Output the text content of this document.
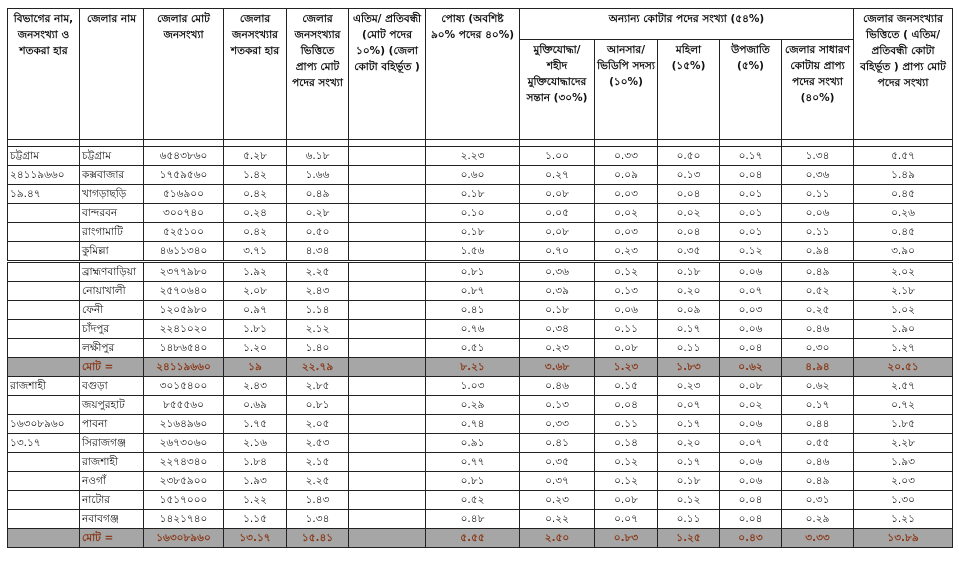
বিভাগের নাম, জনসংখ্যা ও শতকরা হার	জেলার নাম	জেলার মোট জনসংখ্যা	জেলার জনসংখ্যার শতকরা হার	জেলার জনসংখ্যার ভিত্তিতে প্রাপ্য মোট পদের সংখ্যা	এতিম/ প্রতিবন্ধী (মোট পদের ১০%) (জেলা কোটা বহির্ভূত )	পোষ্য (অবশিষ্ট ৯০% পদের ৪০%)	অন্যান্য কোটার পদের সংখ্যা (৫৪%)					জেলার জনসংখ্যার ভিত্তিতে ( এতিম/ প্রতিবন্ধী কোটা বহির্ভূত ) প্রাপ্য মোট পদের সংখ্যা
							মুক্তিযোদ্ধা/ শহীদ মুক্তিযোদ্ধাদের সন্তান (৩০%)	আনসার/ ভিডিপি সদস্য (১০%)	মহিলা (১৫%)	উপজাতি (৫%)	জেলার সাধারণ কোটায় প্রাপ্য পদের সংখ্যা (৪০%)	

চট্টগ্রাম	চট্টগ্রাম	৬৫৪৩৮৬০	৫.২৮	৬.১৮		২.২৩	১.০০	০.৩৩	০.৫০	০.১৭	১.৩৪	৫.৫৭
২৪১১৯৬৬০	কক্সবাজার	১৭৫৯৫৬০	১.৪২	১.৬৬		০.৬০	০.২৭	০.০৯	০.১৩	০.০৪	০.৩৬	১.৪৯
১৯.৪৭	খাগড়াছড়ি	৫১৬৯০০	০.৪২	০.৪৯		০.১৮	০.০৮	০.০৩	০.০৪	০.০১	০.১১	০.৪৫
	বান্দরবন	৩০০৭৪০	০.২৪	০.২৮		০.১০	০.০৫	০.০২	০.০২	০.০১	০.০৬	০.২৬
	রাংগামাটি	৫২৫১০০	০.৪২	০.৫০		০.১৮	০.০৮	০.০৩	০.০৪	০.০১	০.১১	০.৪৫
	কুমিল্লা	৪৬১১৩৪০	৩.৭১	৪.৩৪		১.৫৬	০.৭০	০.২৩	০.৩৫	০.১২	০.৯৪	৩.৯০
	ব্রাহ্মণবাড়িয়া	২৩৭৭৯৮০	১.৯২	২.২৫		০.৮১	০.৩৬	০.১২	০.১৮	০.০৬	০.৪৯	২.০২
	নোয়াখালী	২৫৭০৬৪০	২.০৮	২.৪৩		০.৮৭	০.৩৯	০.১৩	০.২০	০.০৭	০.৫২	২.১৮
	ফেনী	১২০৫৯৮০	০.৯৭	১.১৪		০.৪১	০.১৮	০.০৬	০.০৯	০.০৩	০.২৫	১.০২
	চাঁদপুর	২২৪১০২০	১.৮১	২.১২		০.৭৬	০.৩৪	০.১১	০.১৭	০.০৬	০.৪৬	১.৯০
	লক্ষীপুর	১৪৮৬৫৪০	১.২০	১.৪০		০.৫১	০.২৩	০.০৮	০.১১	০.০৪	০.৩০	১.২৭
	মোট =	২৪১১৯৬৬০	১৯	২২.৭৯		৮.২১	৩.৬৮	১.২৩	১.৮৩	০.৬২	৪.৯৪	২০.৫১
রাজশাহী	বগুড়া	৩০১৫৪০০	২.৪৩	২.৮৫		১.০৩	০.৪৬	০.১৫	০.২৩	০.০৮	০.৬২	২.৫৭
	জয়পুরহাট	৮৫৫৫৬০	০.৬৯	০.৮১		০.২৯	০.১৩	০.০৪	০.০৭	০.০২	০.১৭	০.৭২
১৬৩০৮৯৬০	পাবনা	২১৬৪৯৬০	১.৭৫	২.০৫		০.৭৪	০.৩৩	০.১১	০.১৭	০.০৬	০.৪৪	১.৮৫
১৩.১৭	সিরাজগঞ্জ	২৬৭৩০৬০	২.১৬	২.৫৩		০.৯১	০.৪১	০.১৪	০.২০	০.০৭	০.৫৫	২.২৮
	রাজশাহী	২২৭৪৩৪০	১.৮৪	২.১৫		০.৭৭	০.৩৫	০.১২	০.১৭	০.০৬	০.৪৬	১.৯৩
	নওগাঁ	২৩৮৫৯০০	১.৯৩	২.২৫		০.৮১	০.৩৭	০.১২	০.১৮	০.০৬	০.৪৯	২.০৩
	নাটোর	১৫১৭০০০	১.২২	১.৪৩		০.৫২	০.২৩	০.০৮	০.১২	০.০৪	০.৩১	১.৩০
	নবাবগঞ্জ	১৪২১৭৪০	১.১৫	১.৩৪		০.৪৮	০.২২	০.০৭	০.১১	০.০৪	০.২৯	১.২১
	মোট =	১৬৩০৮৯৬০	১৩.১৭	১৫.৪১		৫.৫৫	২.৫০	০.৮৩	১.২৫	০.৪৩	৩.৩৩	১৩.৮৯
